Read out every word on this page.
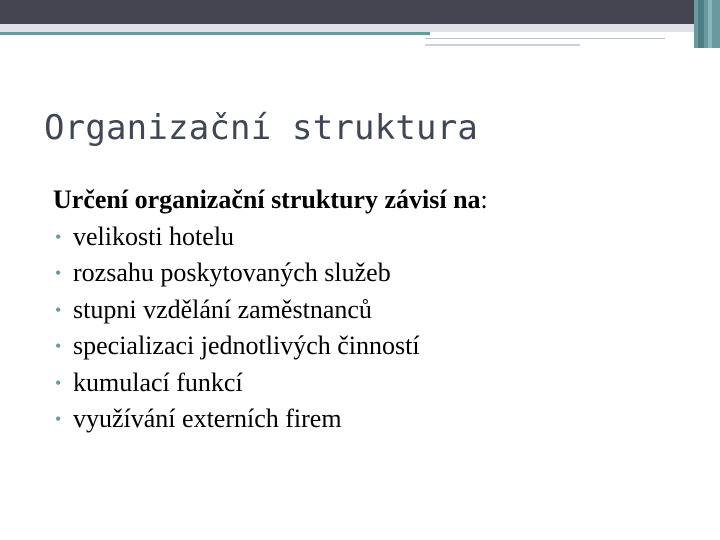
Organizační struktura

Určení organizační struktury závisí na:

• velikosti hotelu
• rozsahu poskytovaných služeb
• stupni vzdělání zaměstnanců
• specializaci jednotlivých činností
• kumulací funkcí
• využívání externích firem
